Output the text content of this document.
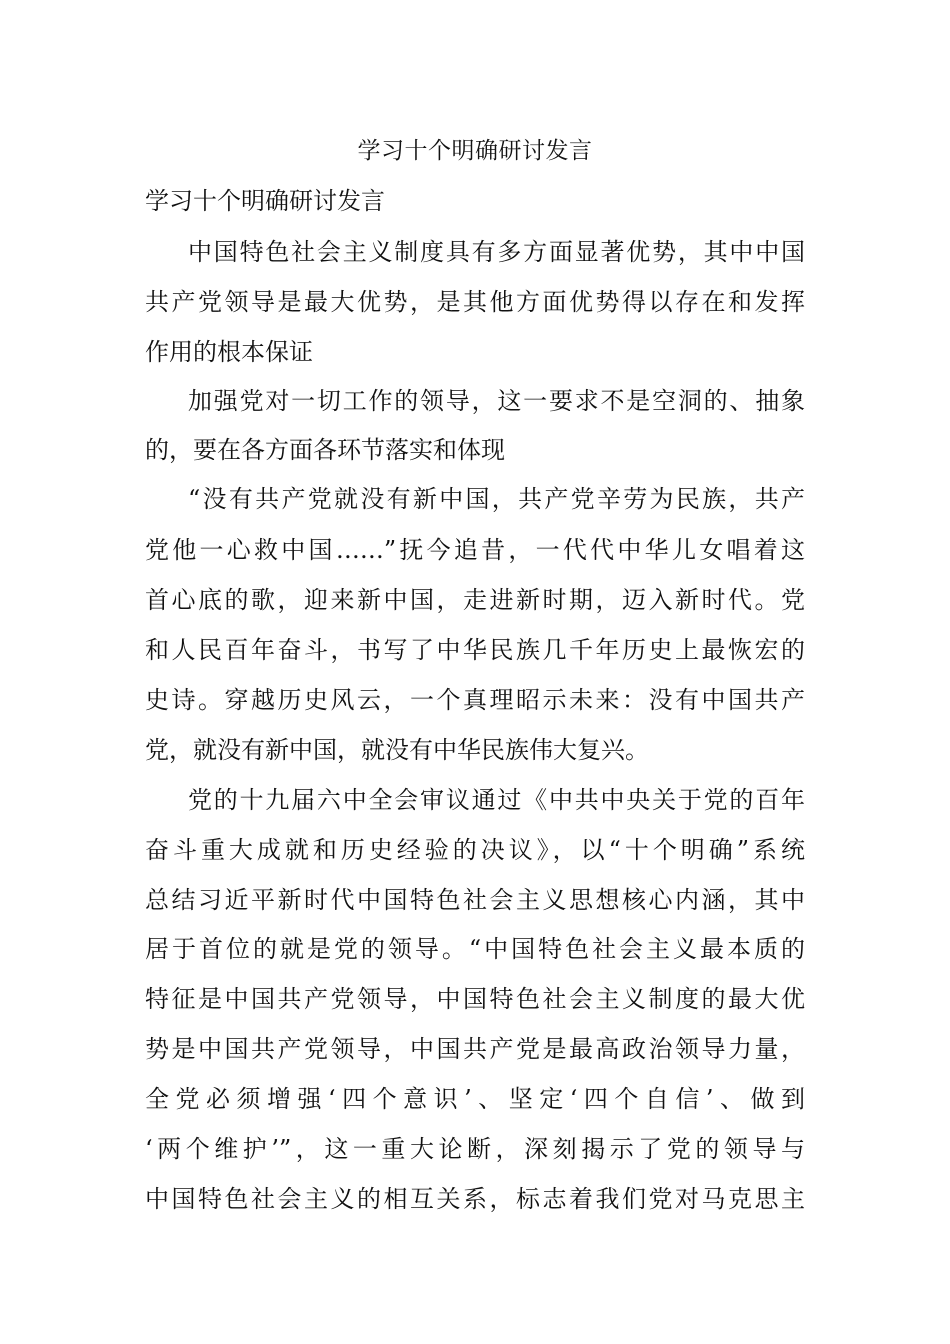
学习十个明确研讨发言
学习十个明确研讨发言
中国特色社会主义制度具有多方面显著优势，其中中国
共产党领导是最大优势，是其他方面优势得以存在和发挥
作用的根本保证
加强党对一切工作的领导，这一要求不是空洞的、抽象
的，要在各方面各环节落实和体现
“没有共产党就没有新中国，共产党辛劳为民族，共产
党他一心救中国……”抚今追昔，一代代中华儿女唱着这
首心底的歌，迎来新中国，走进新时期，迈入新时代。党
和人民百年奋斗，书写了中华民族几千年历史上最恢宏的
史诗。穿越历史风云，一个真理昭示未来：没有中国共产
党，就没有新中国，就没有中华民族伟大复兴。
党的十九届六中全会审议通过《中共中央关于党的百年
奋斗重大成就和历史经验的决议》，以“十个明确”系统
总结习近平新时代中国特色社会主义思想核心内涵，其中
居于首位的就是党的领导。“中国特色社会主义最本质的
特征是中国共产党领导，中国特色社会主义制度的最大优
势是中国共产党领导，中国共产党是最高政治领导力量，
全党必须增强‘四个意识’、坚定‘四个自信’、做到
‘两个维护’”，这一重大论断，深刻揭示了党的领导与
中国特色社会主义的相互关系，标志着我们党对马克思主
